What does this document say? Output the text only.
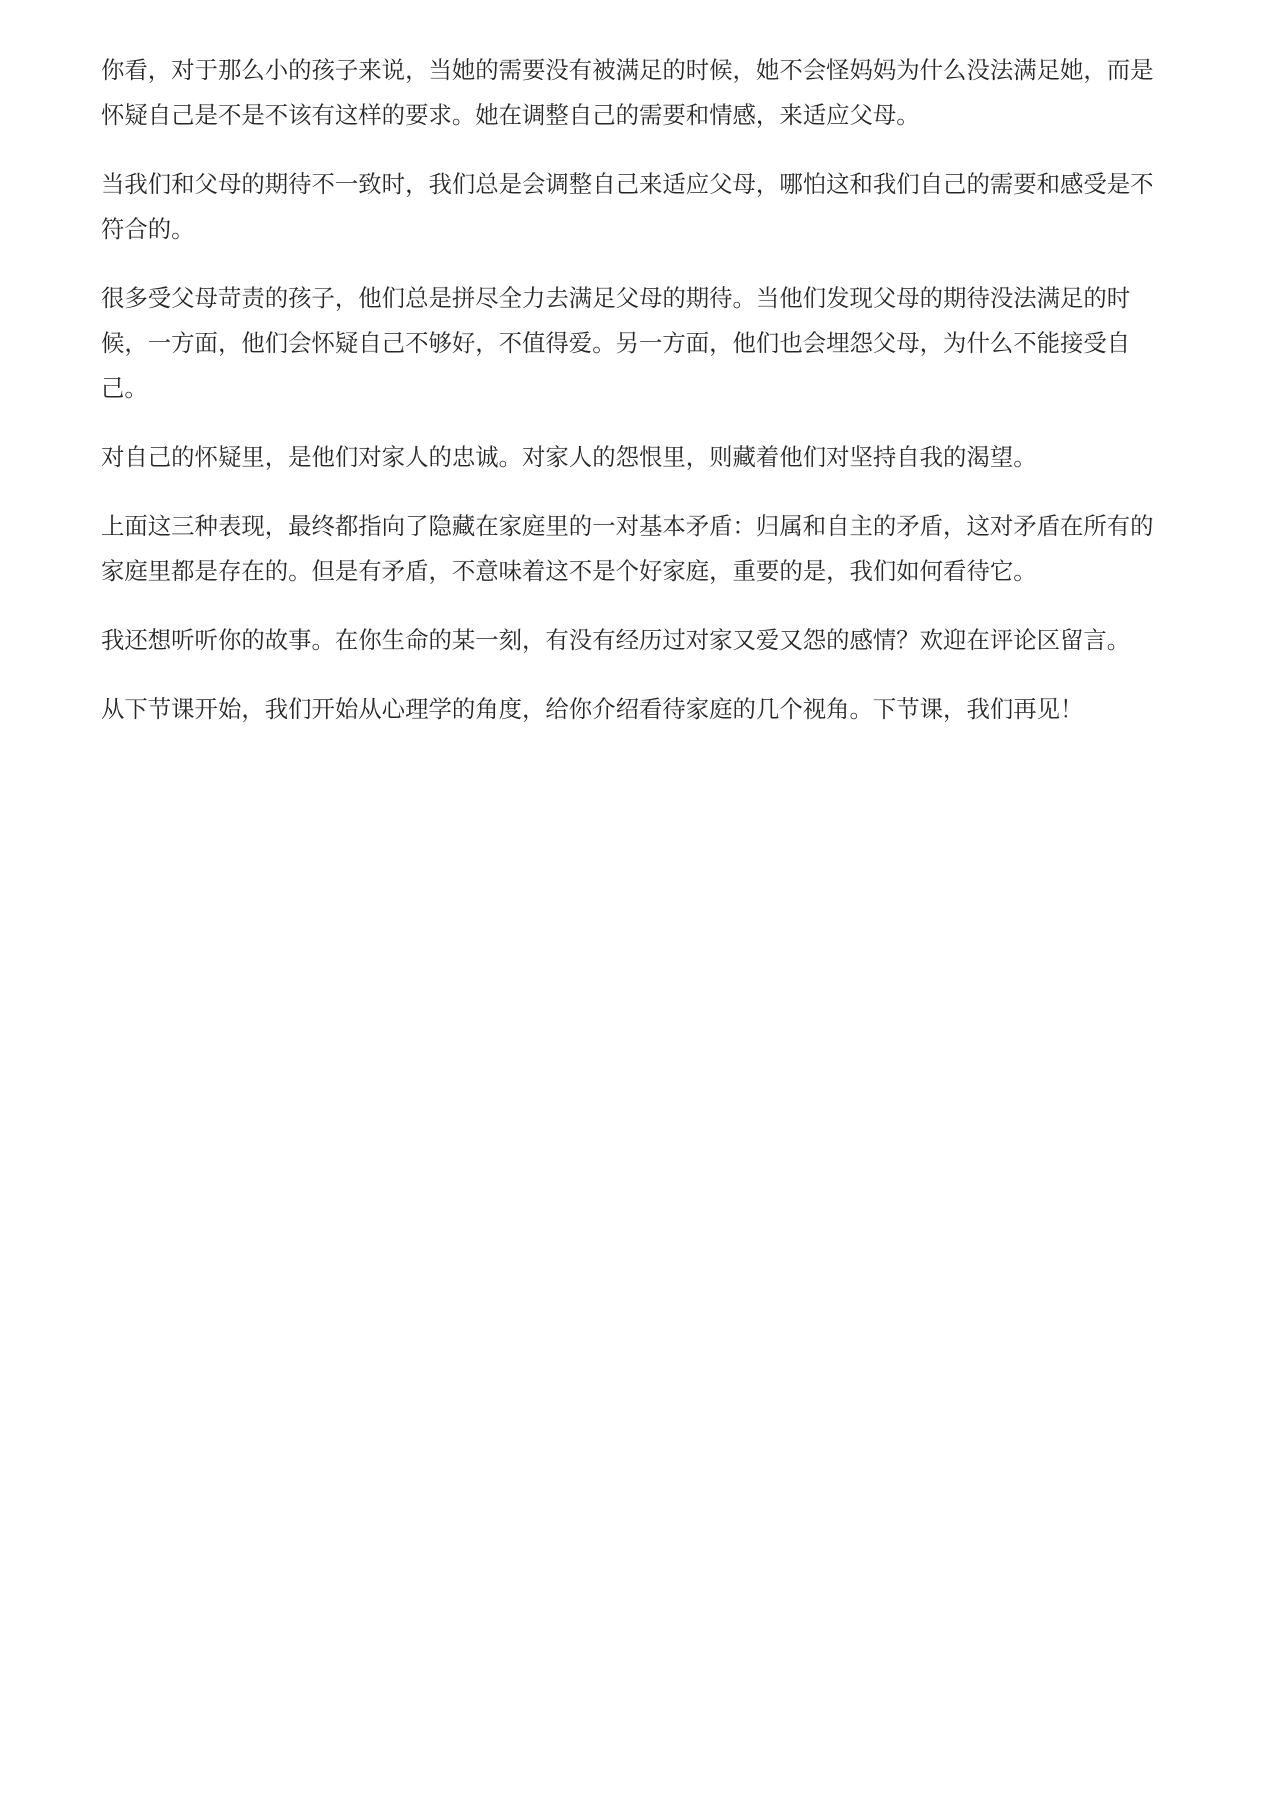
你看，对于那么小的孩子来说，当她的需要没有被满足的时候，她不会怪妈妈为什么没法满足她，而是怀疑自己是不是不该有这样的要求。她在调整自己的需要和情感，来适应父母。

当我们和父母的期待不一致时，我们总是会调整自己来适应父母，哪怕这和我们自己的需要和感受是不符合的。

很多受父母苛责的孩子，他们总是拼尽全力去满足父母的期待。当他们发现父母的期待没法满足的时候，一方面，他们会怀疑自己不够好，不值得爱。另一方面，他们也会埋怨父母，为什么不能接受自己。

对自己的怀疑里，是他们对家人的忠诚。对家人的怨恨里，则藏着他们对坚持自我的渴望。

上面这三种表现，最终都指向了隐藏在家庭里的一对基本矛盾：归属和自主的矛盾，这对矛盾在所有的家庭里都是存在的。但是有矛盾，不意味着这不是个好家庭，重要的是，我们如何看待它。

我还想听听你的故事。在你生命的某一刻，有没有经历过对家又爱又怨的感情？欢迎在评论区留言。

从下节课开始，我们开始从心理学的角度，给你介绍看待家庭的几个视角。下节课，我们再见！
